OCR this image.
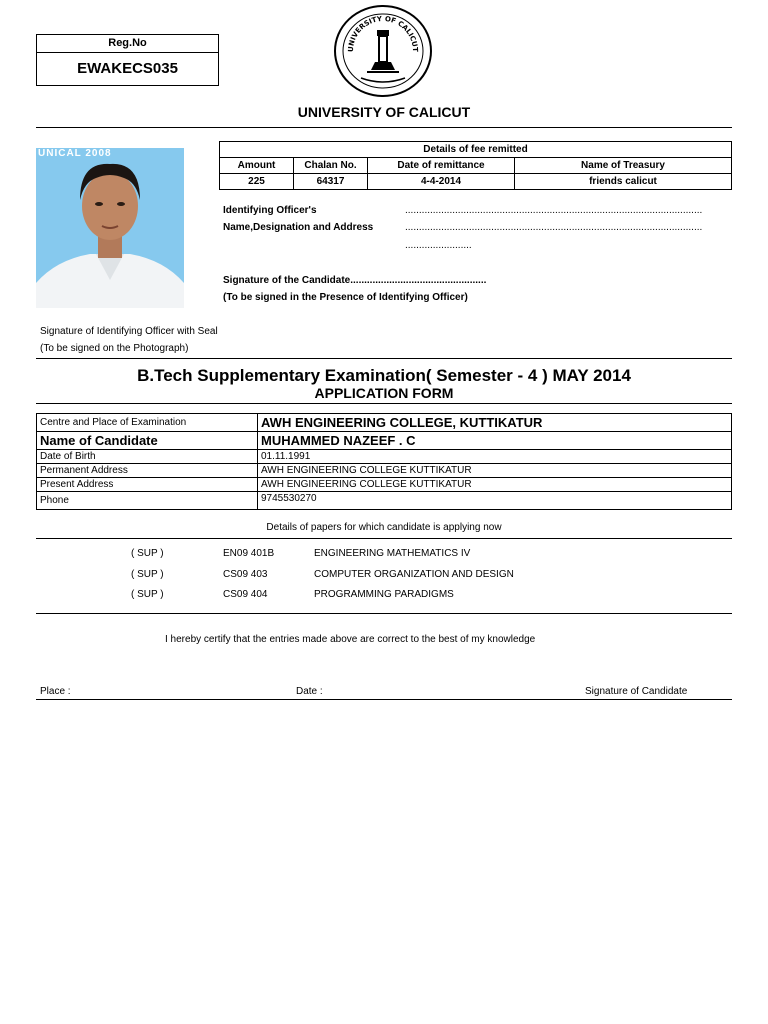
Reg.No
EWAKECS035
UNIVERSITY OF CALICUT
UNIVERSITY OF CALICUT
UNICAL 2008	Details of fee remitted			
Amount	Chalan No.	Date of remittance	Name of Treasury
225	64317	4-4-2014	friends calicut
Identifying Officer's
Name,Designation and Address
...........................................................................................................
...........................................................................................................
........................
Signature of the Candidate.................................................
(To be signed in the Presence of Identifying Officer)
Signature of Identifying Officer with Seal
(To be signed on the Photograph)
B.Tech Supplementary Examination( Semester - 4 ) MAY 2014
APPLICATION FORM
Centre and Place of Examination	AWH ENGINEERING COLLEGE, KUTTIKATUR
Name of Candidate	MUHAMMED NAZEEF . C
Date of Birth	01.11.1991
Permanent Address	AWH ENGINEERING COLLEGE KUTTIKATUR
Present Address	AWH ENGINEERING COLLEGE KUTTIKATUR
Phone	9745530270
Details of papers for which candidate is applying now
( SUP )	EN09 401B	ENGINEERING MATHEMATICS IV
( SUP )	CS09 403	COMPUTER ORGANIZATION AND DESIGN
( SUP )	CS09 404	PROGRAMMING PARADIGMS
I hereby certify that the entries made above are correct to the best of my knowledge
Place :	Date :	Signature of Candidate
